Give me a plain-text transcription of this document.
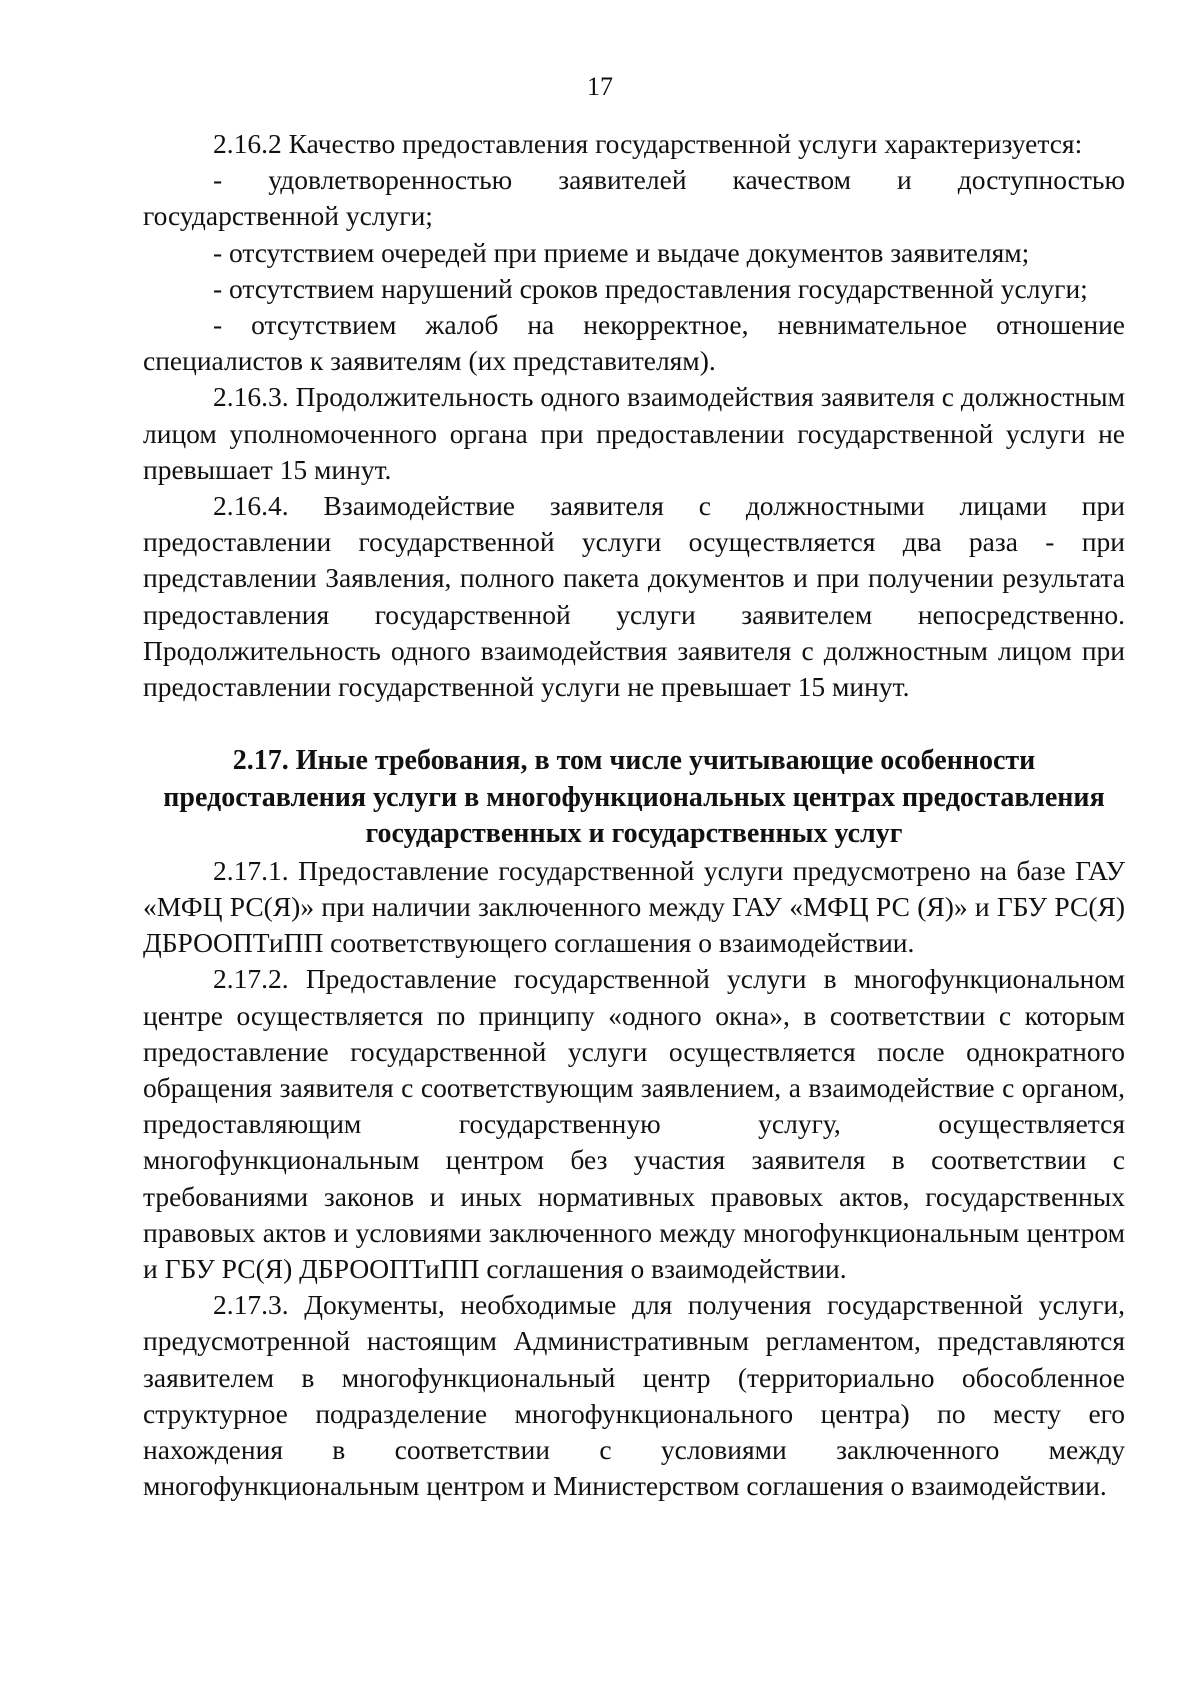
17

2.16.2 Качество предоставления государственной услуги характеризуется:

- удовлетворенностью заявителей качеством и доступностью государственной услуги;

- отсутствием очередей при приеме и выдаче документов заявителям;

- отсутствием нарушений сроков предоставления государственной услуги;

- отсутствием жалоб на некорректное, невнимательное отношение специалистов к заявителям (их представителям).

2.16.3. Продолжительность одного взаимодействия заявителя с должностным лицом уполномоченного органа при предоставлении государственной услуги не превышает 15 минут.

2.16.4. Взаимодействие заявителя с должностными лицами при предоставлении государственной услуги осуществляется два раза - при представлении Заявления, полного пакета документов и при получении результата предоставления государственной услуги заявителем непосредственно. Продолжительность одного взаимодействия заявителя с должностным лицом при предоставлении государственной услуги не превышает 15 минут.

2.17. Иные требования, в том числе учитывающие особенности предоставления услуги в многофункциональных центрах предоставления государственных и государственных услуг

2.17.1. Предоставление государственной услуги предусмотрено на базе ГАУ «МФЦ РС(Я)» при наличии заключенного между ГАУ «МФЦ РС (Я)» и ГБУ РС(Я) ДБРООПТиПП соответствующего соглашения о взаимодействии.

2.17.2. Предоставление государственной услуги в многофункциональном центре осуществляется по принципу «одного окна», в соответствии с которым предоставление государственной услуги осуществляется после однократного обращения заявителя с соответствующим заявлением, а взаимодействие с органом, предоставляющим государственную услугу, осуществляется многофункциональным центром без участия заявителя в соответствии с требованиями законов и иных нормативных правовых актов, государственных правовых актов и условиями заключенного между многофункциональным центром и ГБУ РС(Я) ДБРООПТиПП соглашения о взаимодействии.

2.17.3. Документы, необходимые для получения государственной услуги, предусмотренной настоящим Административным регламентом, представляются заявителем в многофункциональный центр (территориально обособленное структурное подразделение многофункционального центра) по месту его нахождения в соответствии с условиями заключенного между многофункциональным центром и Министерством соглашения о взаимодействии.
